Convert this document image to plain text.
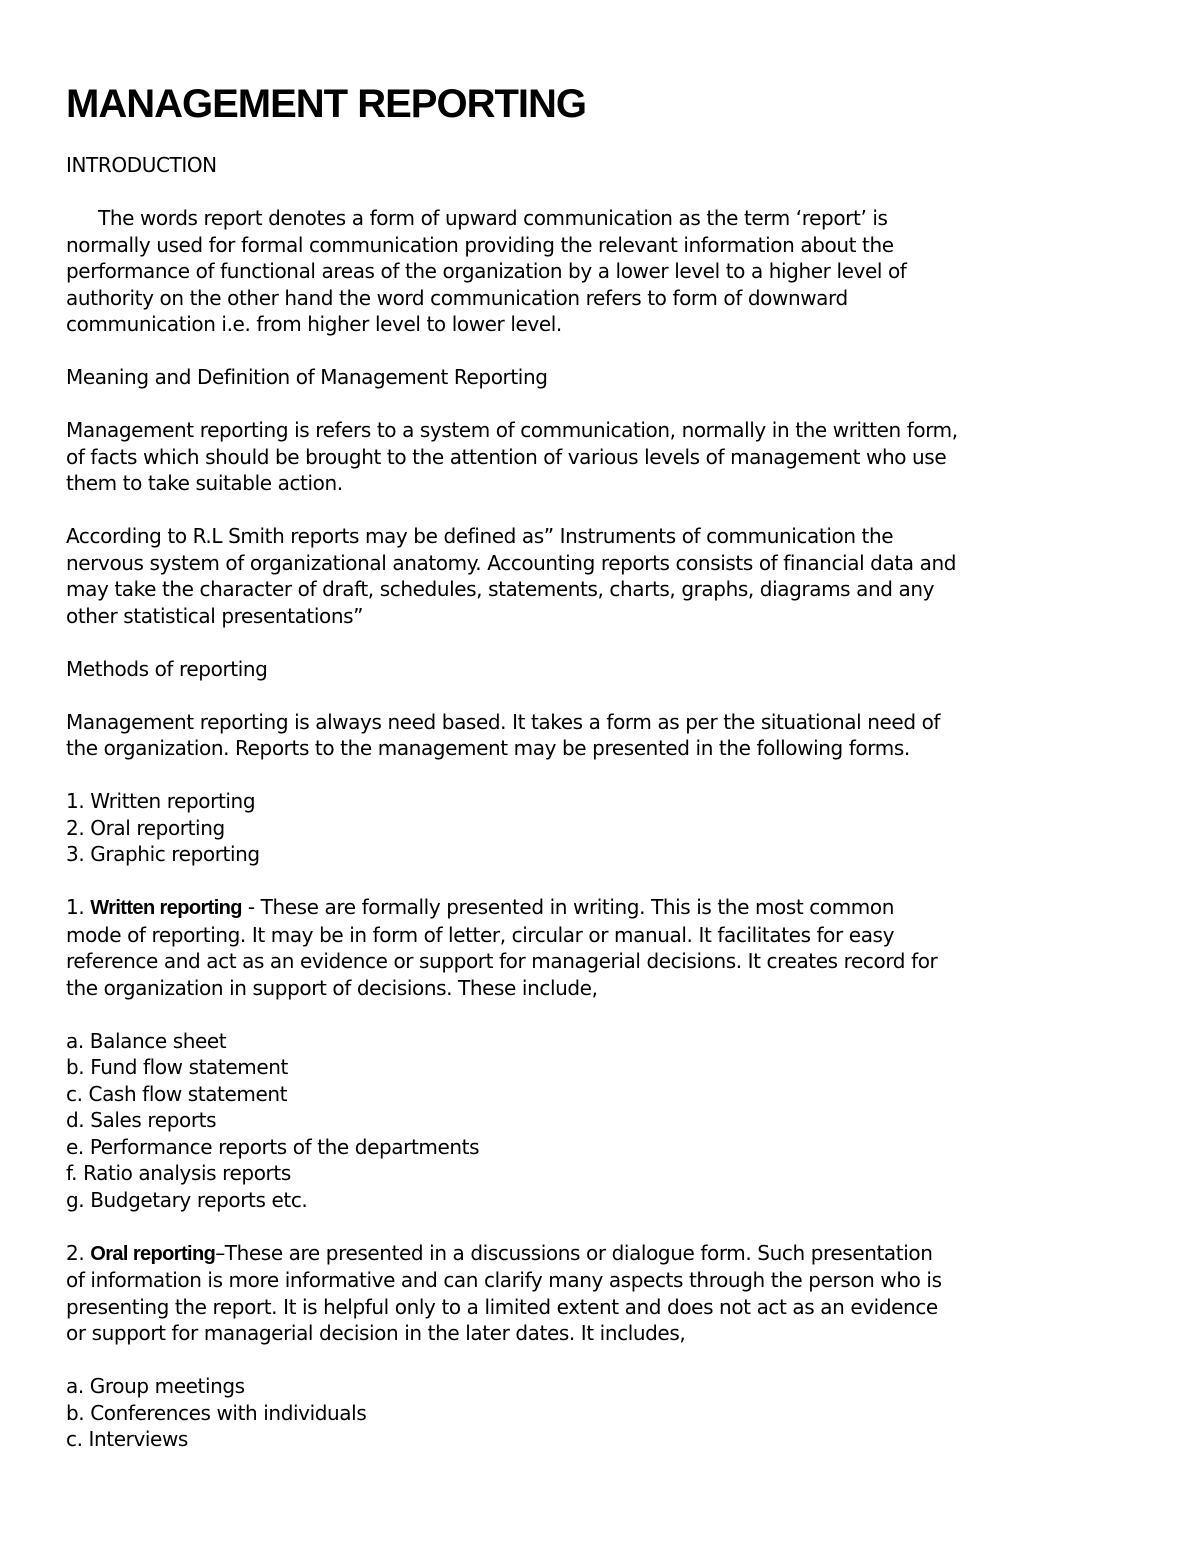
MANAGEMENT REPORTING

INTRODUCTION

The words report denotes a form of upward communication as the term ‘report’ is
normally used for formal communication providing the relevant information about the
performance of functional areas of the organization by a lower level to a higher level of
authority on the other hand the word communication refers to form of downward
communication i.e. from higher level to lower level.

Meaning and Definition of Management Reporting

Management reporting is refers to a system of communication, normally in the written form,
of facts which should be brought to the attention of various levels of management who use
them to take suitable action.

According to R.L Smith reports may be defined as” Instruments of communication the
nervous system of organizational anatomy. Accounting reports consists of financial data and
may take the character of draft, schedules, statements, charts, graphs, diagrams and any
other statistical presentations”

Methods of reporting

Management reporting is always need based. It takes a form as per the situational need of
the organization. Reports to the management may be presented in the following forms.

1. Written reporting
2. Oral reporting
3. Graphic reporting

1. Written reporting - These are formally presented in writing. This is the most common
mode of reporting. It may be in form of letter, circular or manual. It facilitates for easy
reference and act as an evidence or support for managerial decisions. It creates record for
the organization in support of decisions. These include,

a. Balance sheet
b. Fund flow statement
c. Cash flow statement
d. Sales reports
e. Performance reports of the departments
f. Ratio analysis reports
g. Budgetary reports etc.

2. Oral reporting–These are presented in a discussions or dialogue form. Such presentation
of information is more informative and can clarify many aspects through the person who is
presenting the report. It is helpful only to a limited extent and does not act as an evidence
or support for managerial decision in the later dates. It includes,

a. Group meetings
b. Conferences with individuals
c. Interviews
